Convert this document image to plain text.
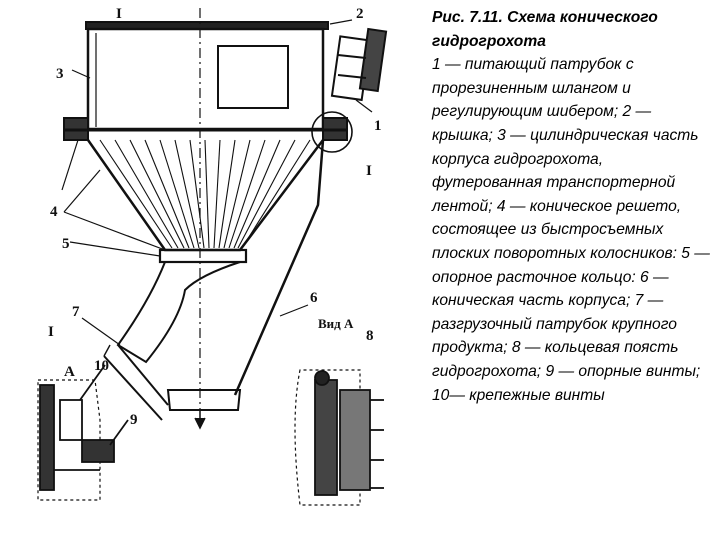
1
2
3
4
5
6
7
8
9
10
I
I
I
A
Вид А
Рис. 7.11. Схема конического гидрогрохота
1 — питающий патрубок с прорезиненным шлангом и регулирующим шибером; 2 — крышка; 3 — цилиндрическая часть корпуса гидрогрохота, футерованная транспортерной лентой; 4 — коническое решето, состоящее из быстросъемных плоских поворотных колосников: 5 — опорное расточное кольцо: 6 — коническая часть корпуса; 7 — разгрузочный патрубок крупного продукта; 8 — кольцевая поясть гидрогрохота; 9 — опорные винты; 10— крепежные винты
